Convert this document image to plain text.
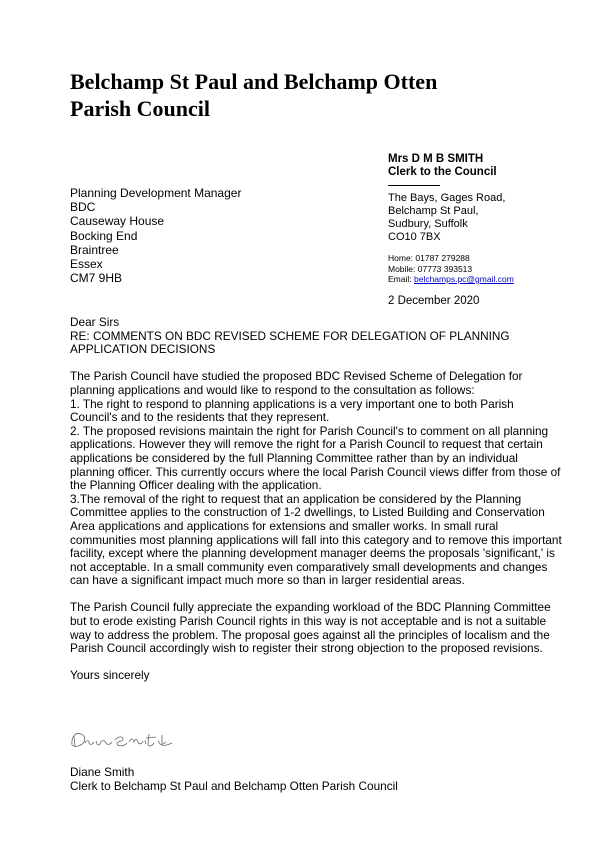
Belchamp St Paul and Belchamp Otten
Parish Council

Mrs D M B SMITH

Clerk to the Council

The Bays, Gages Road,
Belchamp St Paul,
Sudbury, Suffolk
CO10 7BX
Home: 01787 279288
Mobile: 07773 393513
Email: belchamps.pc@gmail.com
2 December 2020
Planning Development Manager
BDC
Causeway House
Bocking End
Braintree
Essex
CM7 9HB

Dear Sirs

RE: COMMENTS ON BDC REVISED SCHEME FOR DELEGATION OF PLANNING APPLICATION DECISIONS

The Parish Council have studied the proposed BDC Revised Scheme of Delegation for planning applications and would like to respond to the consultation as follows:

1. The right to respond to planning applications is a very important one to both Parish Council's and to the residents that they represent.

2. The proposed revisions maintain the right for Parish Council's to comment on all planning applications. However they will remove the right for a Parish Council to request that certain applications be considered by the full Planning Committee rather than by an individual planning officer. This currently occurs where the local Parish Council views differ from those of the Planning Officer dealing with the application.

3.The removal of the right to request that an application be considered by the Planning Committee applies to the construction of 1-2 dwellings, to Listed Building and Conservation Area applications and applications for extensions and smaller works. In small rural communities most planning applications will fall into this category and to remove this important facility, except where the planning development manager deems the proposals 'significant,' is not acceptable. In a small community even comparatively small developments and changes can have a significant impact much more so than in larger residential areas.

The Parish Council fully appreciate the expanding workload of the BDC Planning Committee but to erode existing Parish Council rights in this way is not acceptable and is not a suitable way to address the problem. The proposal goes against all the principles of localism and the Parish Council accordingly wish to register their strong objection to the proposed revisions.

Yours sincerely

Diane Smith
Clerk to Belchamp St Paul and Belchamp Otten Parish Council
